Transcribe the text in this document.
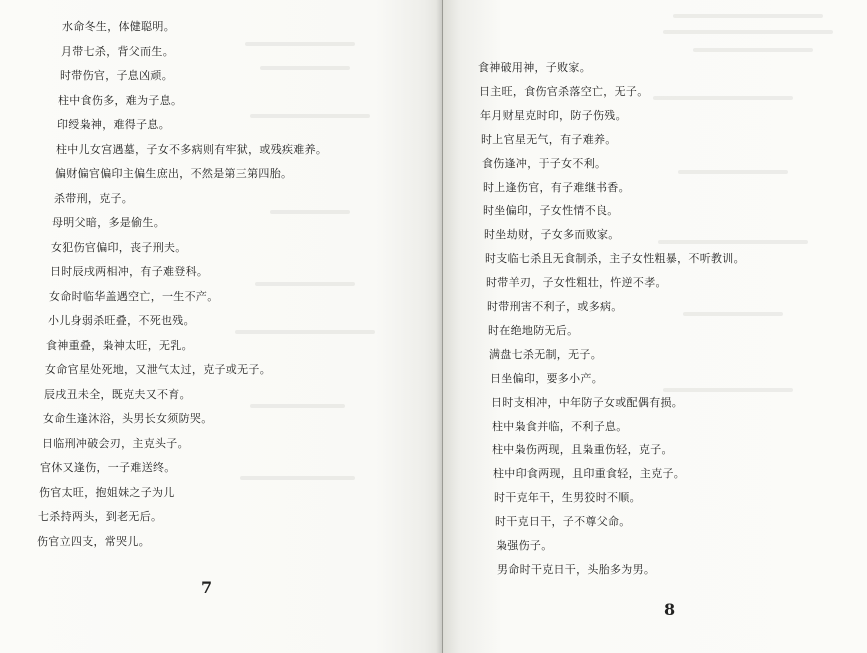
水命冬生，体健聪明。
月带七杀，背父而生。
时带伤官，子息凶顽。
柱中食伤多，难为子息。
印绶枭神，难得子息。
柱中儿女宫遇墓，子女不多病则有牢狱，或残疾难养。
偏财偏官偏印主偏生庶出，不然是第三第四胎。
杀带刑，克子。
母明父暗，多是偷生。
女犯伤官偏印，丧子刑夫。
日时辰戌两相冲，有子难登科。
女命时临华盖遇空亡，一生不产。
小儿身弱杀旺叠，不死也残。
食神重叠，枭神太旺，无乳。
女命官星处死地，又泄气太过，克子或无子。
辰戌丑未全，既克夫又不育。
女命生逢沐浴，头男长女须防哭。
日临刑冲破会刃，主克头子。
官休又逢伤，一子难送终。
伤官太旺，抱姐妹之子为儿
七杀持两头，到老无后。
伤官立四支，常哭儿。
7
食神破用神，子败家。
日主旺，食伤官杀落空亡，无子。
年月财星克时印，防子伤残。
时上官星无气，有子难养。
食伤逢冲，于子女不利。
时上逢伤官，有子难继书香。
时坐偏印，子女性情不良。
时坐劫财，子女多而败家。
时支临七杀且无食制杀，主子女性粗暴，不听教训。
时带羊刃，子女性粗壮，忤逆不孝。
时带刑害不利子，或多病。
时在绝地防无后。
满盘七杀无制，无子。
日坐偏印，要多小产。
日时支相冲，中年防子女或配偶有损。
柱中枭食并临，不利子息。
柱中枭伤两现，且枭重伤轻，克子。
柱中印食两现，且印重食轻，主克子。
时干克年干，生男狡时不顺。
时干克日干，子不尊父命。
枭强伤子。
男命时干克日干，头胎多为男。
8
